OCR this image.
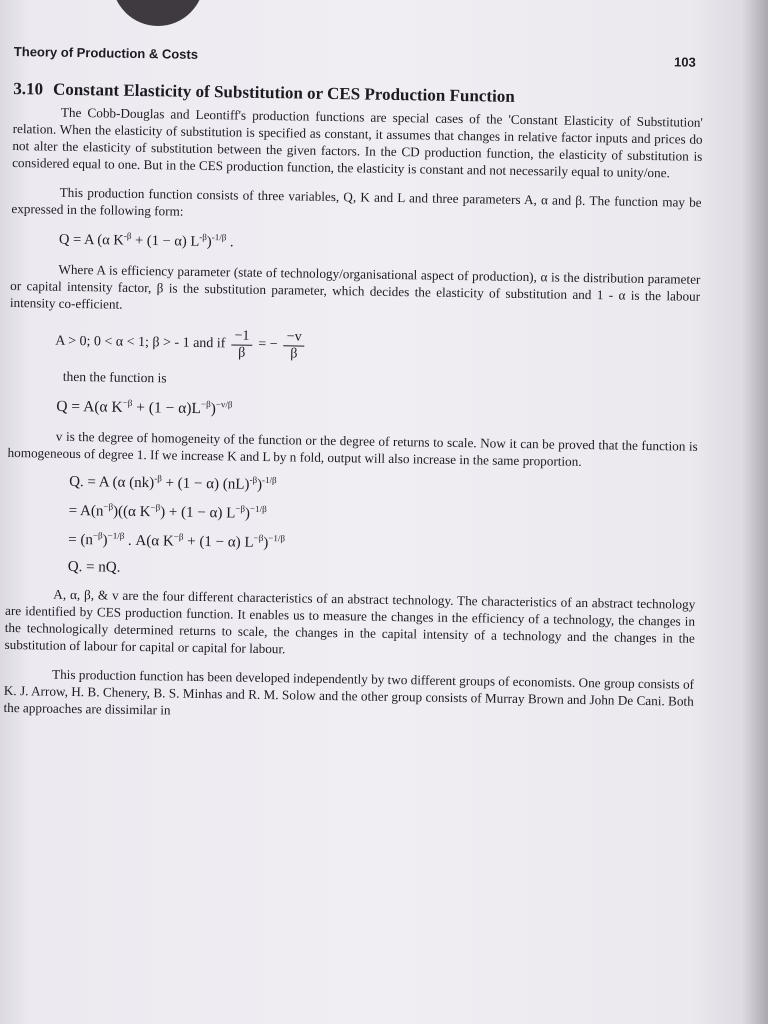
Theory of Production & Costs
103
3.10 Constant Elasticity of Substitution or CES Production Function

The Cobb-Douglas and Leontiff's production functions are special cases of the 'Constant Elasticity of Substitution' relation. When the elasticity of substitution is specified as constant, it assumes that changes in relative factor inputs and prices do not alter the elasticity of substitution between the given factors. In the CD production function, the elasticity of substitution is considered equal to one. But in the CES production function, the elasticity is constant and not necessarily equal to unity/one.

This production function consists of three variables, Q, K and L and three parameters A, α and β. The function may be expressed in the following form:

Q = A (α $K^{-\beta} + (1 - \alpha)$ $L^{-\beta})^{-1/\beta}$ .

Where A is efficiency parameter (state of technology/organisational aspect of production), α is the distribution parameter or capital intensity factor, β is the substitution parameter, which decides the elasticity of substitution and 1 - α is the labour intensity co-efficient.

A > 0; 0 < α < 1; β > - 1 and if $\frac{-1}{\beta}$ = − $\frac{-v}{\beta}$
then the function is
Q = A(α $K^{-\beta} + (1 - \alpha)L^{-\beta})^{-v/\beta}$

v is the degree of homogeneity of the function or the degree of returns to scale. Now it can be proved that the function is homogeneous of degree 1. If we increase K and L by n fold, output will also increase in the same proportion.

Q. = A (α (nk)$^{-\beta}$ + (1 − α) (nL)$^{-\beta}$)$^{-1/\beta}$
= $A(n^{-\beta})((\alpha$ $K^{-\beta}) + (1 - \alpha)$ $L^{-\beta})^{-1/\beta}$
= $(n^{-\beta})^{-1/\beta}$ . A(α $K^{-\beta} + (1 - \alpha)$ $L^{-\beta})^{-1/\beta}$
Q. = nQ.

A, α, β, & v are the four different characteristics of an abstract technology. The characteristics of an abstract technology are identified by CES production function. It enables us to measure the changes in the efficiency of a technology, the changes in the technologically determined returns to scale, the changes in the capital intensity of a technology and the changes in the substitution of labour for capital or capital for labour.

This production function has been developed independently by two different groups of economists. One group consists of K. J. Arrow, H. B. Chenery, B. S. Minhas and R. M. Solow and the other group consists of Murray Brown and John De Cani. Both the approaches are dissimilar in
